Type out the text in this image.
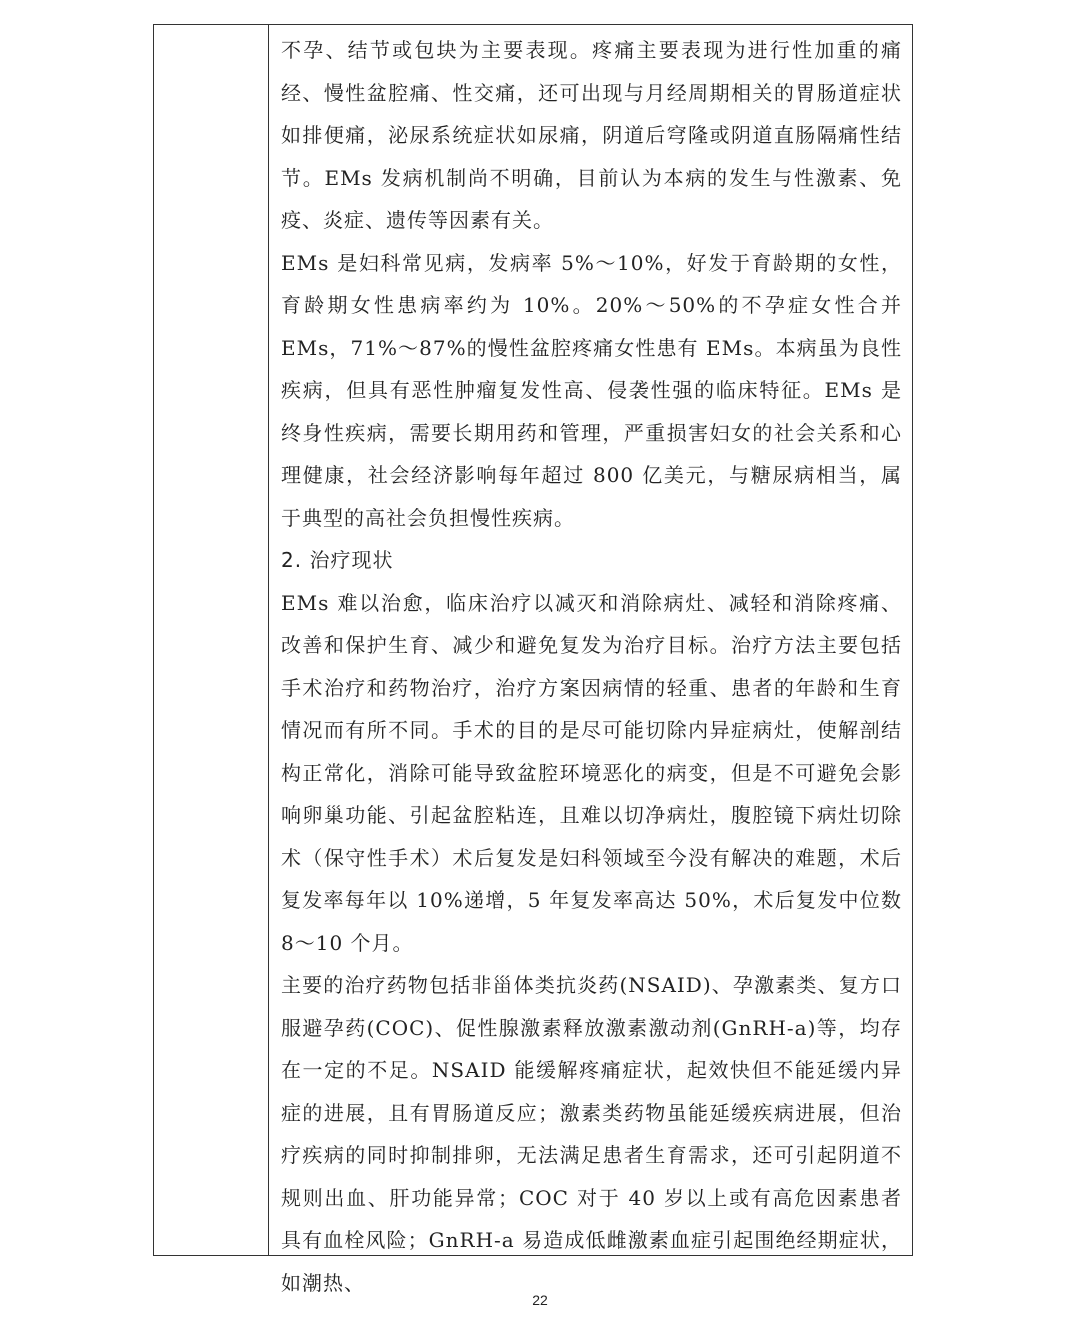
不孕、结节或包块为主要表现。疼痛主要表现为进行性加重的痛经、慢性盆腔痛、性交痛，还可出现与月经周期相关的胃肠道症状如排便痛，泌尿系统症状如尿痛，阴道后穹隆或阴道直肠隔痛性结节。EMs 发病机制尚不明确，目前认为本病的发生与性激素、免疫、炎症、遗传等因素有关。

EMs 是妇科常见病，发病率 5%～10%，好发于育龄期的女性，育龄期女性患病率约为 10%。20%～50%的不孕症女性合并 EMs，71%～87%的慢性盆腔疼痛女性患有 EMs。本病虽为良性疾病，但具有恶性肿瘤复发性高、侵袭性强的临床特征。EMs 是终身性疾病，需要长期用药和管理，严重损害妇女的社会关系和心理健康，社会经济影响每年超过 800 亿美元，与糖尿病相当，属于典型的高社会负担慢性疾病。

2. 治疗现状

EMs 难以治愈，临床治疗以减灭和消除病灶、减轻和消除疼痛、改善和保护生育、减少和避免复发为治疗目标。治疗方法主要包括手术治疗和药物治疗，治疗方案因病情的轻重、患者的年龄和生育情况而有所不同。手术的目的是尽可能切除内异症病灶，使解剖结构正常化，消除可能导致盆腔环境恶化的病变，但是不可避免会影响卵巢功能、引起盆腔粘连，且难以切净病灶，腹腔镜下病灶切除术（保守性手术）术后复发是妇科领域至今没有解决的难题，术后复发率每年以 10%递增，5 年复发率高达 50%，术后复发中位数 8～10 个月。

主要的治疗药物包括非甾体类抗炎药(NSAID)、孕激素类、复方口服避孕药(COC)、促性腺激素释放激素激动剂(GnRH-a)等，均存在一定的不足。NSAID 能缓解疼痛症状，起效快但不能延缓内异症的进展，且有胃肠道反应；激素类药物虽能延缓疾病进展，但治疗疾病的同时抑制排卵，无法满足患者生育需求，还可引起阴道不规则出血、肝功能异常；COC 对于 40 岁以上或有高危因素患者具有血栓风险；GnRH-a 易造成低雌激素血症引起围绝经期症状，如潮热、

22
